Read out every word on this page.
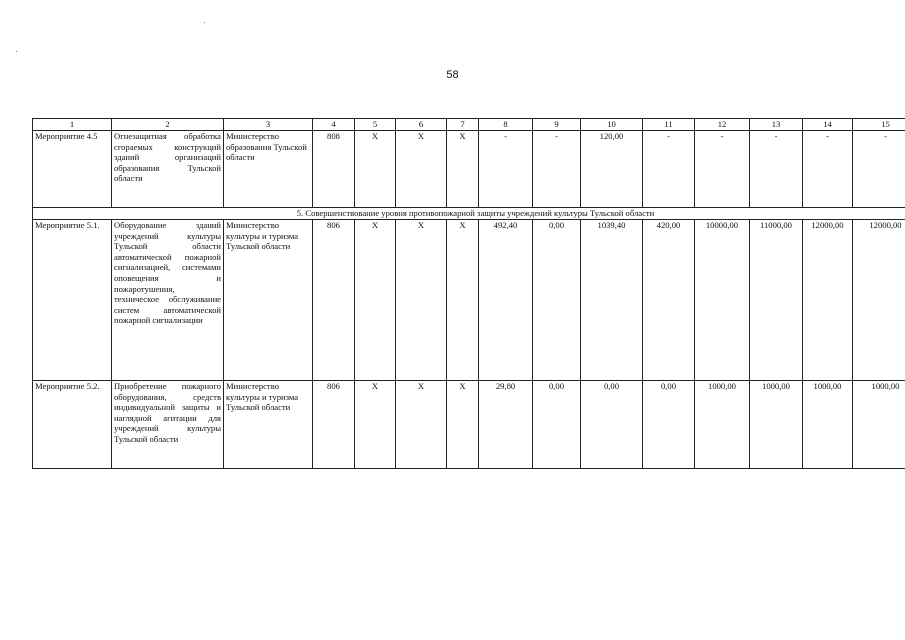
58
1	2	3	4	5	6	7	8	9	10	11	12	13	14	15
Мероприятие 4.5	Огнезащитная обработка сгораемых конструкций зданий организаций образования Тульской области	Министерство образования Тульской области	808	X	X	X	-	-	120,00	-	-	-	-	-
5. Совершенствование уровня противопожарной защиты учреждений культуры Тульской области														
Мероприятие 5.1.	Оборудование зданий учреждений культуры Тульской области автоматической пожарной сигнализацией, системами оповещения и пожаротушения, техническое обслуживание систем автоматической пожарной сигнализации	Министерство культуры и туризма Тульской области	806	X	X	X	492,40	0,00	1039,40	420,00	10000,00	11000,00	12000,00	12000,00
Мероприятие 5.2.	Приобретение пожарного оборудования, средств индивидуальной защиты и наглядной агитации для учреждений культуры Тульской области	Министерство культуры и туризма Тульской области	806	X	X	X	29,80	0,00	0,00	0,00	1000,00	1000,00	1000,00	1000,00
